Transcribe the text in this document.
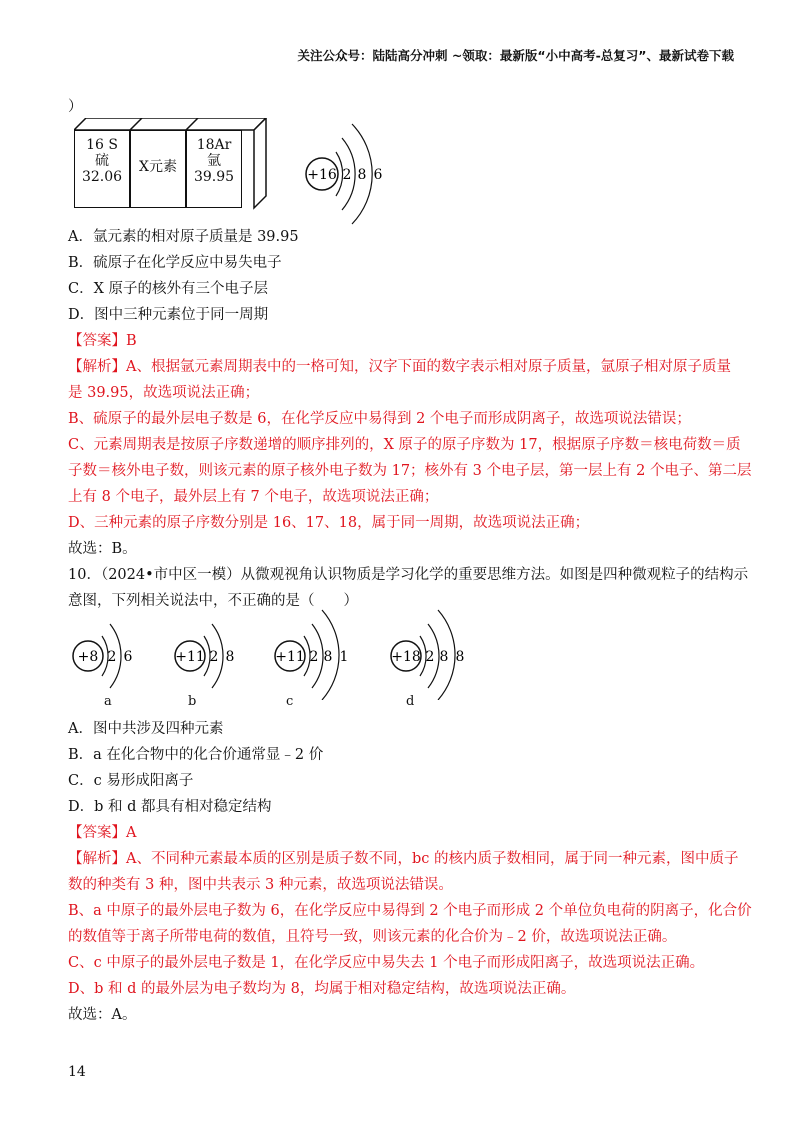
关注公众号：陆陆高分冲刺 ~领取：最新版“小中高考-总复习”、最新试卷下载
）
16 S
硫
32.06
X元素
18Ar
氩
39.95	+16 2 8 6
A．氩元素的相对原子质量是 39.95
B．硫原子在化学反应中易失电子
C．X 原子的核外有三个电子层
D．图中三种元素位于同一周期
【答案】B
【解析】A、根据氩元素周期表中的一格可知，汉字下面的数字表示相对原子质量，氩原子相对原子质量
是 39.95，故选项说法正确；
B、硫原子的最外层电子数是 6，在化学反应中易得到 2 个电子而形成阴离子，故选项说法错误；
C、元素周期表是按原子序数递增的顺序排列的，X 原子的原子序数为 17，根据原子序数＝核电荷数＝质
子数＝核外电子数，则该元素的原子核外电子数为 17；核外有 3 个电子层，第一层上有 2 个电子、第二层
上有 8 个电子，最外层上有 7 个电子，故选项说法正确；
D、三种元素的原子序数分别是 16、17、18，属于同一周期，故选项说法正确；
故选：B。
10．（2024•市中区一模）从微观视角认识物质是学习化学的重要思维方法。如图是四种微观粒子的结构示
意图，下列相关说法中，不正确的是（　　）
+8 2 6
a
+11 2 8
b
+11 2 8 1
c
+18 2 8 8
d
A．图中共涉及四种元素
B．a 在化合物中的化合价通常显﹣2 价
C．c 易形成阳离子
D．b 和 d 都具有相对稳定结构
【答案】A
【解析】A、不同种元素最本质的区别是质子数不同，bc 的核内质子数相同，属于同一种元素，图中质子
数的种类有 3 种，图中共表示 3 种元素，故选项说法错误。
B、a 中原子的最外层电子数为 6，在化学反应中易得到 2 个电子而形成 2 个单位负电荷的阴离子，化合价
的数值等于离子所带电荷的数值，且符号一致，则该元素的化合价为﹣2 价，故选项说法正确。
C、c 中原子的最外层电子数是 1，在化学反应中易失去 1 个电子而形成阳离子，故选项说法正确。
D、b 和 d 的最外层为电子数均为 8，均属于相对稳定结构，故选项说法正确。
故选：A。
14
